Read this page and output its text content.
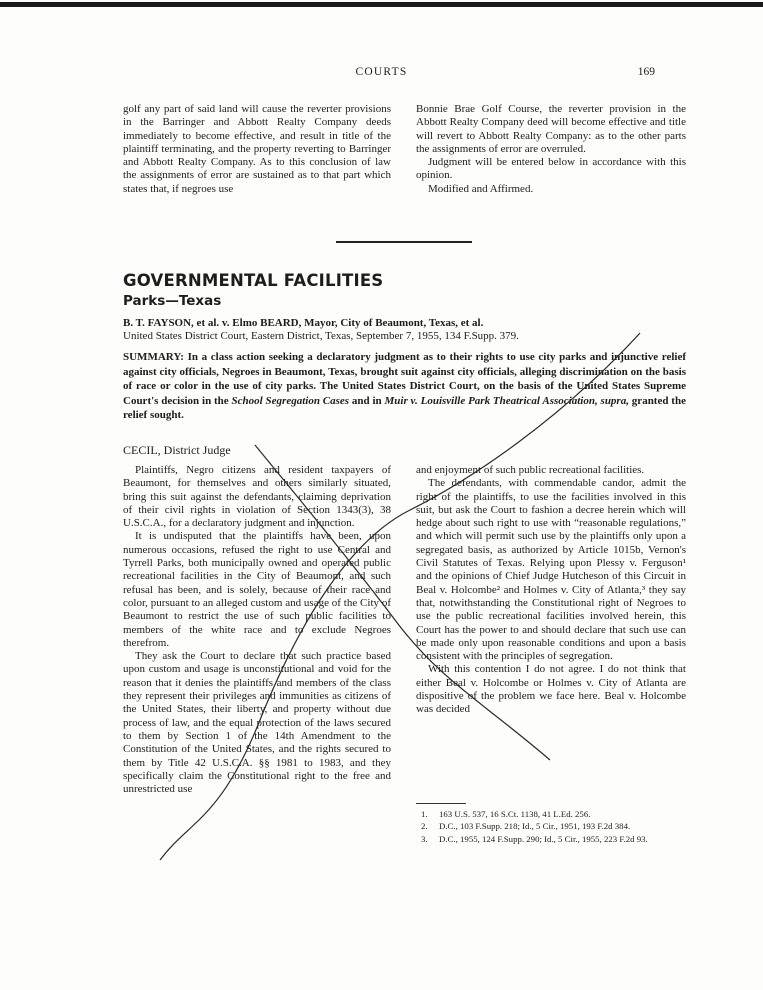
COURTS	169

golf any part of said land will cause the reverter provisions in the Barringer and Abbott Realty Company deeds immediately to become effective, and result in title of the plaintiff terminating, and the property reverting to Barringer and Abbott Realty Company. As to this conclusion of law the assignments of error are sustained as to that part which states that, if negroes use

Bonnie Brae Golf Course, the reverter provision in the Abbott Realty Company deed will become effective and title will revert to Abbott Realty Company: as to the other parts the assignments of error are overruled.

Judgment will be entered below in accordance with this opinion.

Modified and Affirmed.

GOVERNMENTAL FACILITIES
Parks—Texas
B. T. FAYSON, et al. v. Elmo BEARD, Mayor, City of Beaumont, Texas, et al.
United States District Court, Eastern District, Texas, September 7, 1955, 134 F.Supp. 379.
SUMMARY: In a class action seeking a declaratory judgment as to their rights to use city parks and injunctive relief against city officials, Negroes in Beaumont, Texas, brought suit against city officials, alleging discrimination on the basis of race or color in the use of city parks. The United States District Court, on the basis of the United States Supreme Court's decision in the School Segregation Cases and in Muir v. Louisville Park Theatrical Association, supra, granted the relief sought.
CECIL, District Judge

Plaintiffs, Negro citizens and resident taxpayers of Beaumont, for themselves and others similarly situated, bring this suit against the defendants, claiming deprivation of their civil rights in violation of Section 1343(3), 38 U.S.C.A., for a declaratory judgment and injunction.

It is undisputed that the plaintiffs have been, upon numerous occasions, refused the right to use Central and Tyrrell Parks, both municipally owned and operated public recreational facilities in the City of Beaumont, and such refusal has been, and is solely, because of their race and color, pursuant to an alleged custom and usage of the City of Beaumont to restrict the use of such public facilities to members of the white race and to exclude Negroes therefrom.

They ask the Court to declare that such practice based upon custom and usage is unconstitutional and void for the reason that it denies the plaintiffs and members of the class they represent their privileges and immunities as citizens of the United States, their liberty, and property without due process of law, and the equal protection of the laws secured to them by Section 1 of the 14th Amendment to the Constitution of the United States, and the rights secured to them by Title 42 U.S.C.A. §§ 1981 to 1983, and they specifically claim the Constitutional right to the free and unrestricted use

and enjoyment of such public recreational facilities.

The defendants, with commendable candor, admit the right of the plaintiffs, to use the facilities involved in this suit, but ask the Court to fashion a decree herein which will hedge about such right to use with “reasonable regulations,” and which will permit such use by the plaintiffs only upon a segregated basis, as authorized by Article 1015b, Vernon's Civil Statutes of Texas. Relying upon Plessy v. Ferguson¹ and the opinions of Chief Judge Hutcheson of this Circuit in Beal v. Holcombe² and Holmes v. City of Atlanta,³ they say that, notwithstanding the Constitutional right of Negroes to use the public recreational facilities involved herein, this Court has the power to and should declare that such use can be made only upon reasonable conditions and upon a basis consistent with the principles of segregation.

With this contention I do not agree. I do not think that either Beal v. Holcombe or Holmes v. City of Atlanta are dispositive of the problem we face here. Beal v. Holcombe was decided

1.	163 U.S. 537, 16 S.Ct. 1138, 41 L.Ed. 256.
2.	D.C., 103 F.Supp. 218; Id., 5 Cir., 1951, 193 F.2d 384.
3.	D.C., 1955, 124 F.Supp. 290; Id., 5 Cir., 1955, 223 F.2d 93.
